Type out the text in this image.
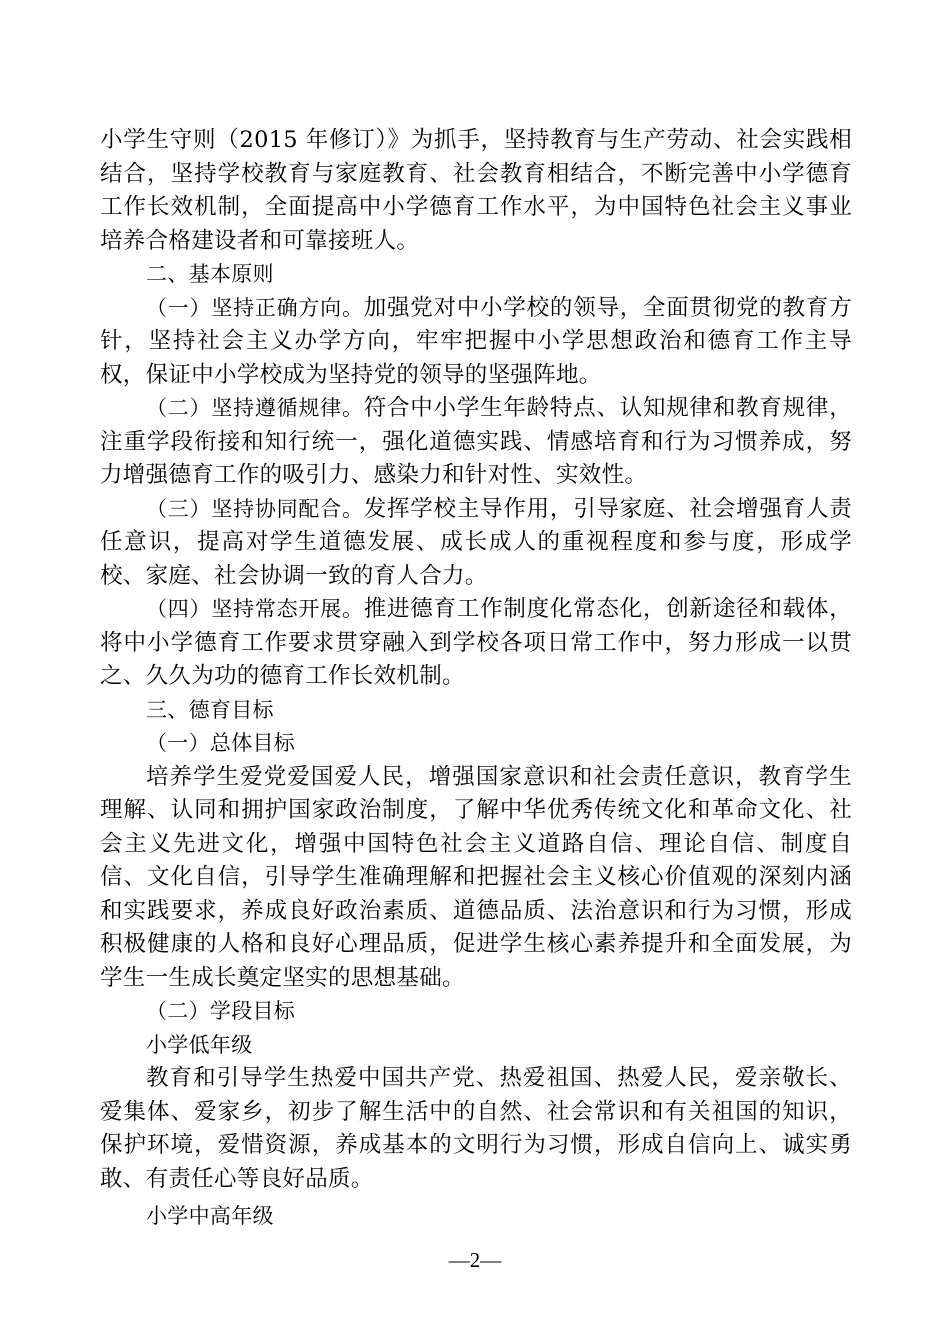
小学生守则（2015 年修订）》为抓手，坚持教育与生产劳动、社会实践相结合，坚持学校教育与家庭教育、社会教育相结合，不断完善中小学德育工作长效机制，全面提高中小学德育工作水平，为中国特色社会主义事业培养合格建设者和可靠接班人。

二、基本原则

（一）坚持正确方向。加强党对中小学校的领导，全面贯彻党的教育方针，坚持社会主义办学方向，牢牢把握中小学思想政治和德育工作主导权，保证中小学校成为坚持党的领导的坚强阵地。

（二）坚持遵循规律。符合中小学生年龄特点、认知规律和教育规律，注重学段衔接和知行统一，强化道德实践、情感培育和行为习惯养成，努力增强德育工作的吸引力、感染力和针对性、实效性。

（三）坚持协同配合。发挥学校主导作用，引导家庭、社会增强育人责任意识，提高对学生道德发展、成长成人的重视程度和参与度，形成学校、家庭、社会协调一致的育人合力。

（四）坚持常态开展。推进德育工作制度化常态化，创新途径和载体，将中小学德育工作要求贯穿融入到学校各项日常工作中，努力形成一以贯之、久久为功的德育工作长效机制。

三、德育目标

（一）总体目标

培养学生爱党爱国爱人民，增强国家意识和社会责任意识，教育学生理解、认同和拥护国家政治制度，了解中华优秀传统文化和革命文化、社会主义先进文化，增强中国特色社会主义道路自信、理论自信、制度自信、文化自信，引导学生准确理解和把握社会主义核心价值观的深刻内涵和实践要求，养成良好政治素质、道德品质、法治意识和行为习惯，形成积极健康的人格和良好心理品质，促进学生核心素养提升和全面发展，为学生一生成长奠定坚实的思想基础。

（二）学段目标

小学低年级

教育和引导学生热爱中国共产党、热爱祖国、热爱人民，爱亲敬长、爱集体、爱家乡，初步了解生活中的自然、社会常识和有关祖国的知识，保护环境，爱惜资源，养成基本的文明行为习惯，形成自信向上、诚实勇敢、有责任心等良好品质。

小学中高年级

—2—
